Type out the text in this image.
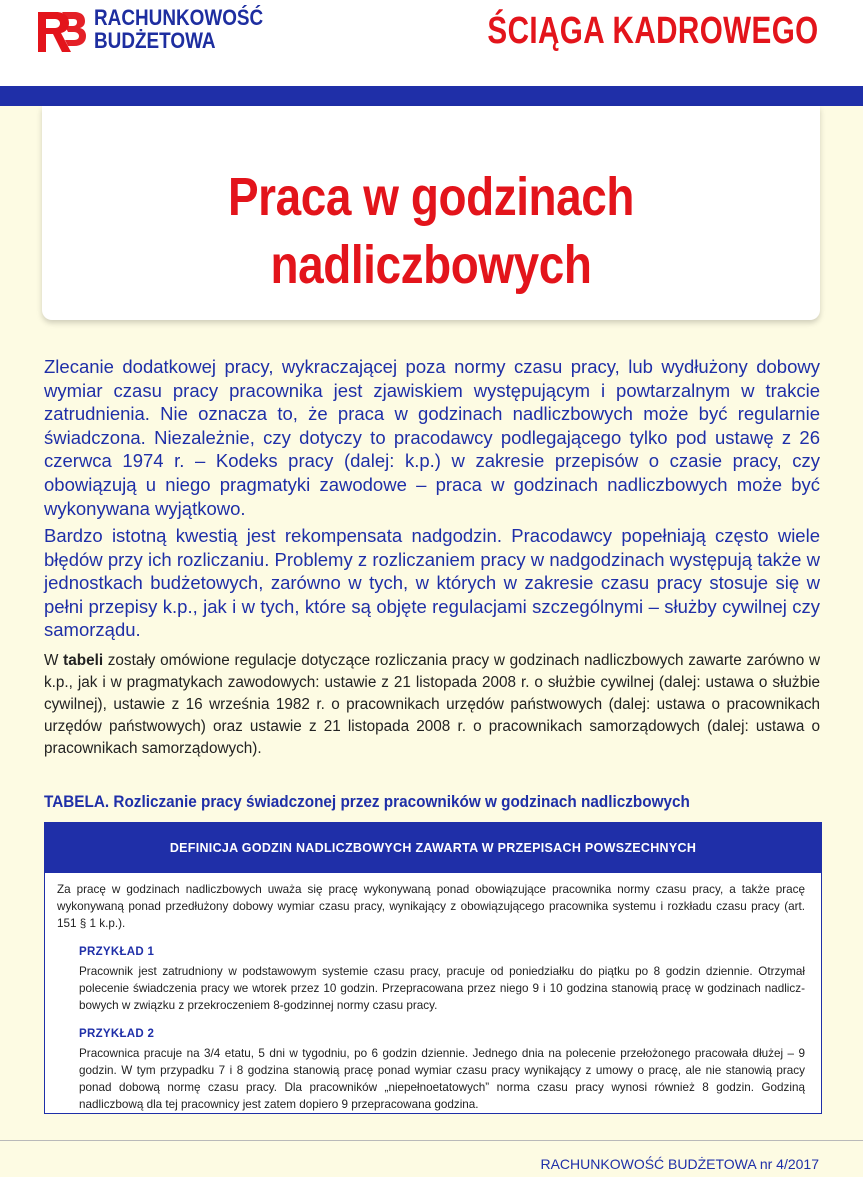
RACHUNKOWOŚĆ
BUDŻETOWA	ŚCIĄGA KADROWEGO
Praca w godzinach
nadliczbowych

Zlecanie dodatkowej pracy, wykraczającej poza normy czasu pracy, lub wydłużony dobowy wymiar czasu pracy pracownika jest zjawiskiem występującym i powtarzalnym w trakcie zatrudnienia. Nie oznacza to, że praca w godzinach nadliczbowych może być regularnie świadczona. Niezależnie, czy dotyczy to pracodawcy podlegającego tylko pod ustawę z 26 czerwca 1974 r. – Kodeks pracy (dalej: k.p.) w zakresie przepisów o czasie pracy, czy obowiązują u niego pragmatyki zawodowe – praca w godzinach nadliczbowych może być wykonywana wyjątkowo.

Bardzo istotną kwestią jest rekompensata nadgodzin. Pracodawcy popełniają często wiele błędów przy ich rozliczaniu. Problemy z rozliczaniem pracy w nadgodzinach występują także w jednostkach budżetowych, zarówno w tych, w których w zakresie czasu pracy stosuje się w pełni przepisy k.p., jak i w tych, które są objęte regulacjami szczególnymi – służby cywilnej czy samorządu.

W tabeli zostały omówione regulacje dotyczące rozliczania pracy w godzinach nadliczbowych zawarte zarówno w k.p., jak i w pragmatykach zawodowych: ustawie z 21 listopada 2008 r. o służbie cywilnej (dalej: ustawa o służbie cywilnej), ustawie z 16 września 1982 r. o pracownikach urzędów państwowych (dalej: ustawa o pracownikach urzędów państwowych) oraz ustawie z 21 listopada 2008 r. o pracownikach samorządowych (dalej: ustawa o pracownikach samorządowych).
TABELA. Rozliczanie pracy świadczonej przez pracowników w godzinach nadliczbowych
DEFINICJA GODZIN NADLICZBOWYCH ZAWARTA W PRZEPISACH POWSZECHNYCH

Za pracę w godzinach nadliczbowych uważa się pracę wykonywaną ponad obowiązujące pracownika normy czasu pracy, a także pracę wykonywaną ponad przedłużony dobowy wymiar czasu pracy, wynikający z obowiązującego pracownika systemu i rozkładu czasu pracy (art. 151 § 1 k.p.).

PRZYKŁAD 1

Pracownik jest zatrudniony w podstawowym systemie czasu pracy, pracuje od poniedziałku do piątku po 8 godzin dziennie. Otrzymał polecenie świadczenia pracy we wtorek przez 10 godzin. Przepracowana przez niego 9 i 10 godzina stanowią pracę w godzinach nadliczbowych w związku z przekroczeniem 8-godzinnej normy czasu pracy.

PRZYKŁAD 2

Pracownica pracuje na 3/4 etatu, 5 dni w tygodniu, po 6 godzin dziennie. Jednego dnia na polecenie przełożonego pracowała dłużej – 9 godzin. W tym przypadku 7 i 8 godzina stanowią pracę ponad wymiar czasu pracy wynikający z umowy o pracę, ale nie stanowią pracy ponad dobową normę czasu pracy. Dla pracowników „niepełnoetatowych” norma czasu pracy wynosi również 8 godzin. Godziną nadliczbową dla tej pracownicy jest zatem dopiero 9 przepracowana godzina.

RACHUNKOWOŚĆ BUDŻETOWA nr 4/2017
